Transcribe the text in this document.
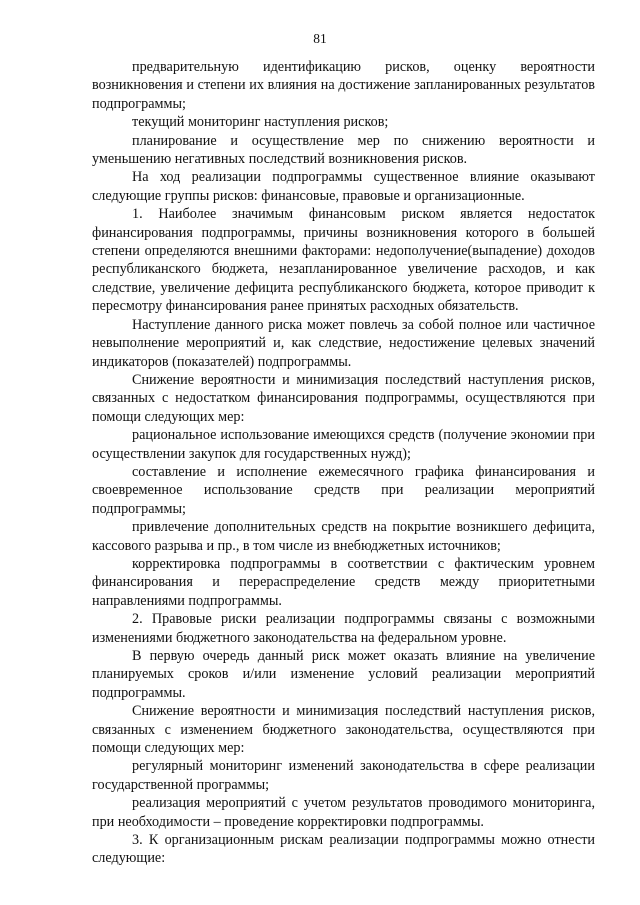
81

предварительную идентификацию рисков, оценку вероятности возникновения и степени их влияния на достижение запланированных результатов подпрограммы;

текущий мониторинг наступления рисков;

планирование и осуществление мер по снижению вероятности и уменьшению негативных последствий возникновения рисков.

На ход реализации подпрограммы существенное влияние оказывают следующие группы рисков: финансовые, правовые и организационные.

1. Наиболее значимым финансовым риском является недостаток финансирования подпрограммы, причины возникновения которого в большей степени определяются внешними факторами: недополучение(выпадение) доходов республиканского бюджета, незапланированное увеличение расходов, и как следствие, увеличение дефицита республиканского бюджета, которое приводит к пересмотру финансирования ранее принятых расходных обязательств.

Наступление данного риска может повлечь за собой полное или частичное невыполнение мероприятий и, как следствие, недостижение целевых значений индикаторов (показателей) подпрограммы.

Снижение вероятности и минимизация последствий наступления рисков, связанных с недостатком финансирования подпрограммы, осуществляются при помощи следующих мер:

рациональное использование имеющихся средств (получение экономии при осуществлении закупок для государственных нужд);

составление и исполнение ежемесячного графика финансирования и своевременное использование средств при реализации мероприятий подпрограммы;

привлечение дополнительных средств на покрытие возникшего дефицита, кассового разрыва и пр., в том числе из внебюджетных источников;

корректировка подпрограммы в соответствии с фактическим уровнем финансирования и перераспределение средств между приоритетными направлениями подпрограммы.

2. Правовые риски реализации подпрограммы связаны с возможными изменениями бюджетного законодательства на федеральном уровне.

В первую очередь данный риск может оказать влияние на увеличение планируемых сроков и/или изменение условий реализации мероприятий подпрограммы.

Снижение вероятности и минимизация последствий наступления рисков, связанных с изменением бюджетного законодательства, осуществляются при помощи следующих мер:

регулярный мониторинг изменений законодательства в сфере реализации государственной программы;

реализация мероприятий с учетом результатов проводимого мониторинга, при необходимости – проведение корректировки подпрограммы.

3. К организационным рискам реализации подпрограммы можно отнести следующие:
